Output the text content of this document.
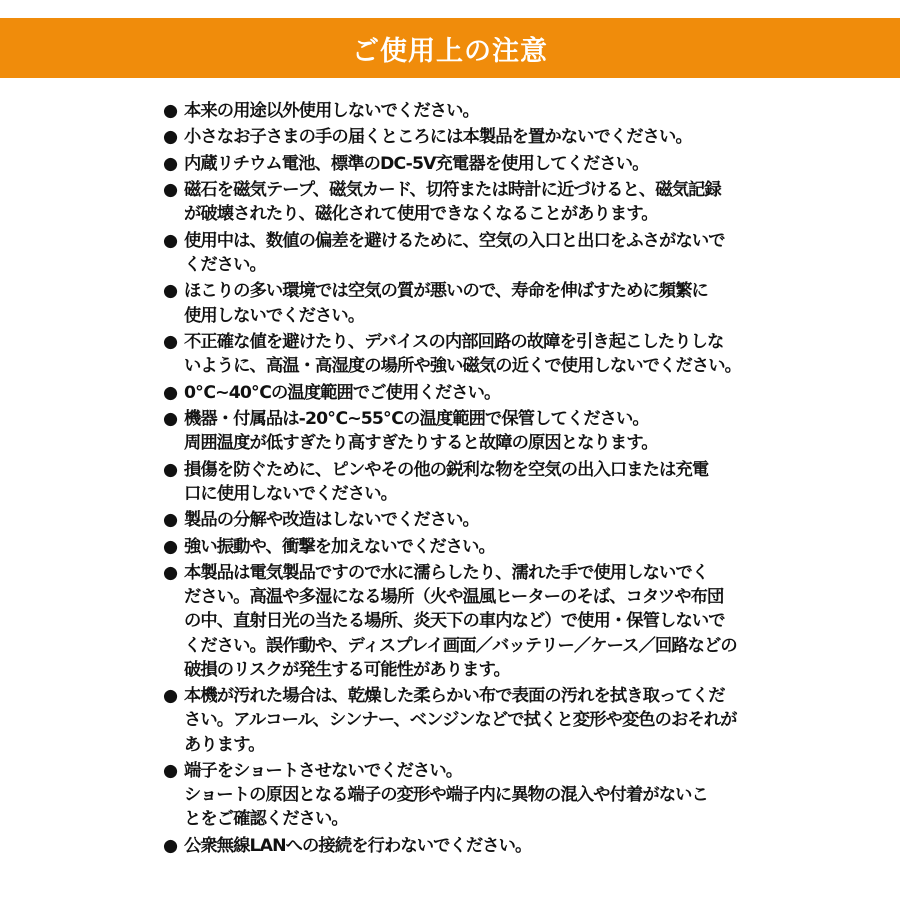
ご使用上の注意
● 本来の用途以外使用しないでください。
● 小さなお子さまの手の届くところには本製品を置かないでください。
● 内蔵リチウム電池、標準のDC-5V充電器を使用してください。
● 磁石を磁気テープ、磁気カード、切符または時計に近づけると、磁気記録
が破壊されたり、磁化されて使用できなくなることがあります。
● 使用中は、数値の偏差を避けるために、空気の入口と出口をふさがないで
ください。
● ほこりの多い環境では空気の質が悪いので、寿命を伸ばすために頻繁に
使用しないでください。
● 不正確な値を避けたり、デバイスの内部回路の故障を引き起こしたりしな
いように、高温・高湿度の場所や強い磁気の近くで使用しないでください。
● 0℃~40℃の温度範囲でご使用ください。
● 機器・付属品は-20℃~55℃の温度範囲で保管してください。
周囲温度が低すぎたり高すぎたりすると故障の原因となります。
● 損傷を防ぐために、ピンやその他の鋭利な物を空気の出入口または充電
口に使用しないでください。
● 製品の分解や改造はしないでください。
● 強い振動や、衝撃を加えないでください。
● 本製品は電気製品ですので水に濡らしたり、濡れた手で使用しないでく
ださい。高温や多湿になる場所（火や温風ヒーターのそば、コタツや布団
の中、直射日光の当たる場所、炎天下の車内など）で使用・保管しないで
ください。誤作動や、ディスプレイ画面／バッテリー／ケース／回路などの
破損のリスクが発生する可能性があります。
● 本機が汚れた場合は、乾燥した柔らかい布で表面の汚れを拭き取ってくだ
さい。アルコール、シンナー、ベンジンなどで拭くと変形や変色のおそれが
あります。
● 端子をショートさせないでください。
ショートの原因となる端子の変形や端子内に異物の混入や付着がないこ
とをご確認ください。
● 公衆無線LANへの接続を行わないでください。
